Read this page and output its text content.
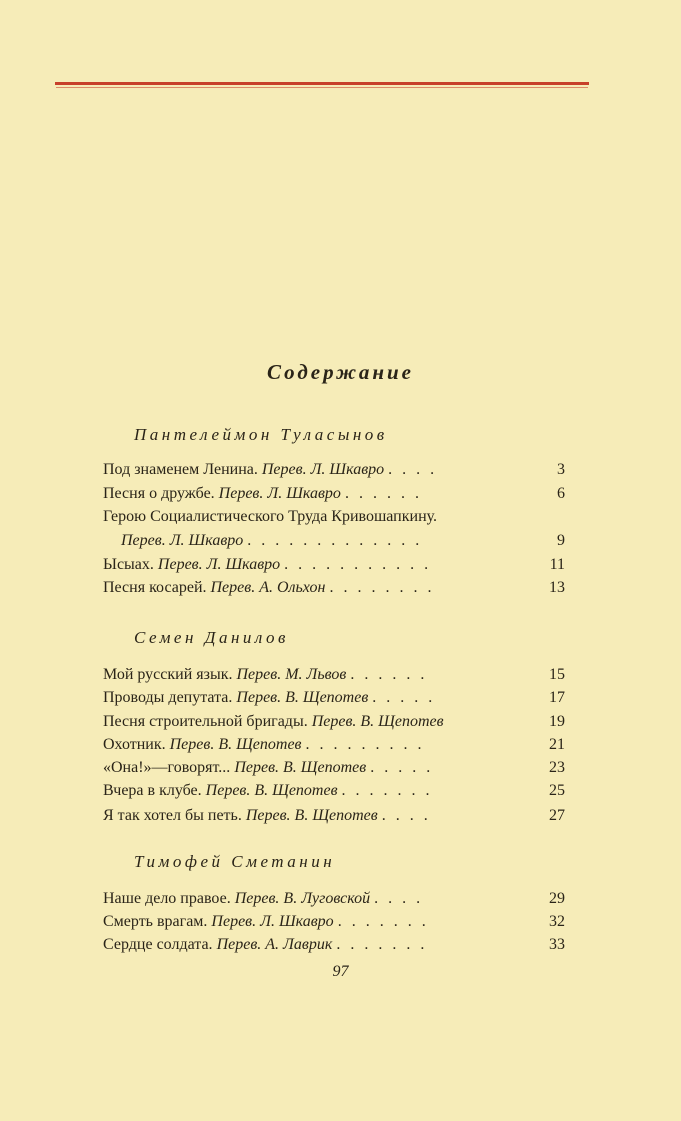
Содержание
Пантелеймон Туласынов
Под знаменем Ленина. Перев. Л. Шкавро . . . .	3
Песня о дружбе. Перев. Л. Шкавро . . . . . .	6
Герою Социалистического Труда Кривошапкину.
Перев. Л. Шкавро . . . . . . . . . . . . .	9
Ысыах. Перев. Л. Шкавро . . . . . . . . . . .	11
Песня косарей. Перев. А. Ольхон . . . . . . . .	13
Семен Данилов
Мой русский язык. Перев. М. Львов . . . . . .	15
Проводы депутата. Перев. В. Щепотев . . . . .	17
Песня строительной бригады. Перев. В. Щепотев	19
Охотник. Перев. В. Щепотев . . . . . . . . .	21
«Она!»—говорят... Перев. В. Щепотев . . . . .	23
Вчера в клубе. Перев. В. Щепотев . . . . . . .	25
Я так хотел бы петь. Перев. В. Щепотев . . . .	27
Тимофей Сметанин
Наше дело правое. Перев. В. Луговской . . . .	29
Смерть врагам. Перев. Л. Шкавро . . . . . . .	32
Сердце солдата. Перев. А. Лаврик . . . . . . .	33
97
